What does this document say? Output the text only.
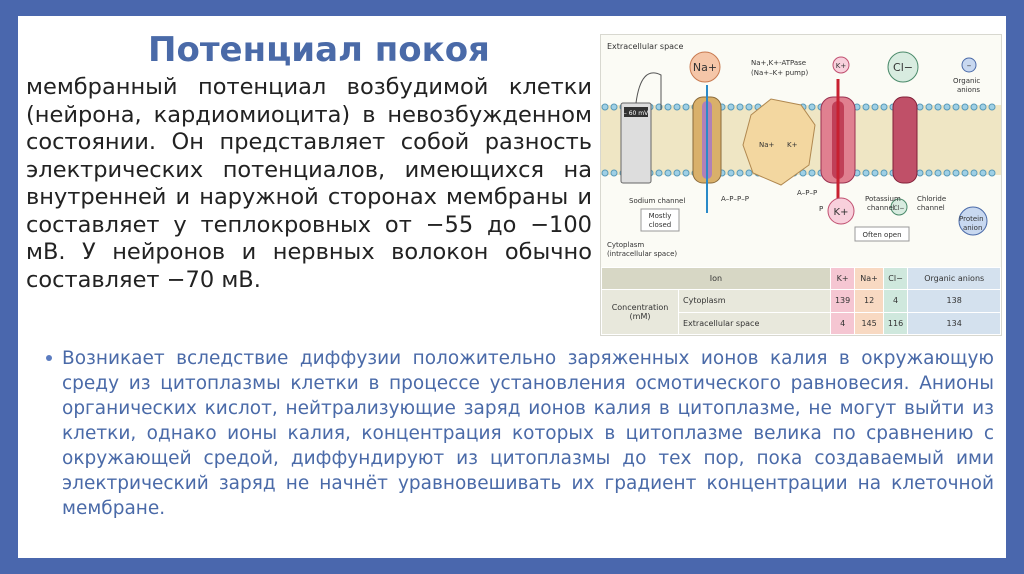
Потенциал покоя

мембранный потенциал возбудимой клетки (нейрона, кардиомиоцита) в невозбужденном состоянии. Он представляет собой разность электрических потенциалов, имеющихся на внутренней и наружной сторонах мембраны и составляет у теплокровных от −55 до −100 мВ. У нейронов и нервных волокон обычно составляет −70 мВ.

Extracellular space
– 60 mV
Na+
Na+ K+
Na+,K+-ATPase
(Na+–K+ pump)
A–P–P–P
A–P–P
P
K+
K+
Cl−
Cl−
–
Organic
anions
Protein
anion
Sodium channel
Mostly
closed
Potassium
channel
Chloride
channel
Often open
Cytoplasm
(intracellular space)
Ion		K+	Na+	Cl−	Organic anions
Concentration
(mM)	Cytoplasm	139	12	4	138
	Extracellular space	4	145	116	134

Возникает вследствие диффузии положительно заряженных ионов калия в окружающую среду из цитоплазмы клетки в процессе установления осмотического равновесия. Анионы органических кислот, нейтрализующие заряд ионов калия в цитоплазме, не могут выйти из клетки, однако ионы калия, концентрация которых в цитоплазме велика по сравнению с окружающей средой, диффундируют из цитоплазмы до тех пор, пока создаваемый ими электрический заряд не начнёт уравновешивать их градиент концентрации на клеточной мембране.
